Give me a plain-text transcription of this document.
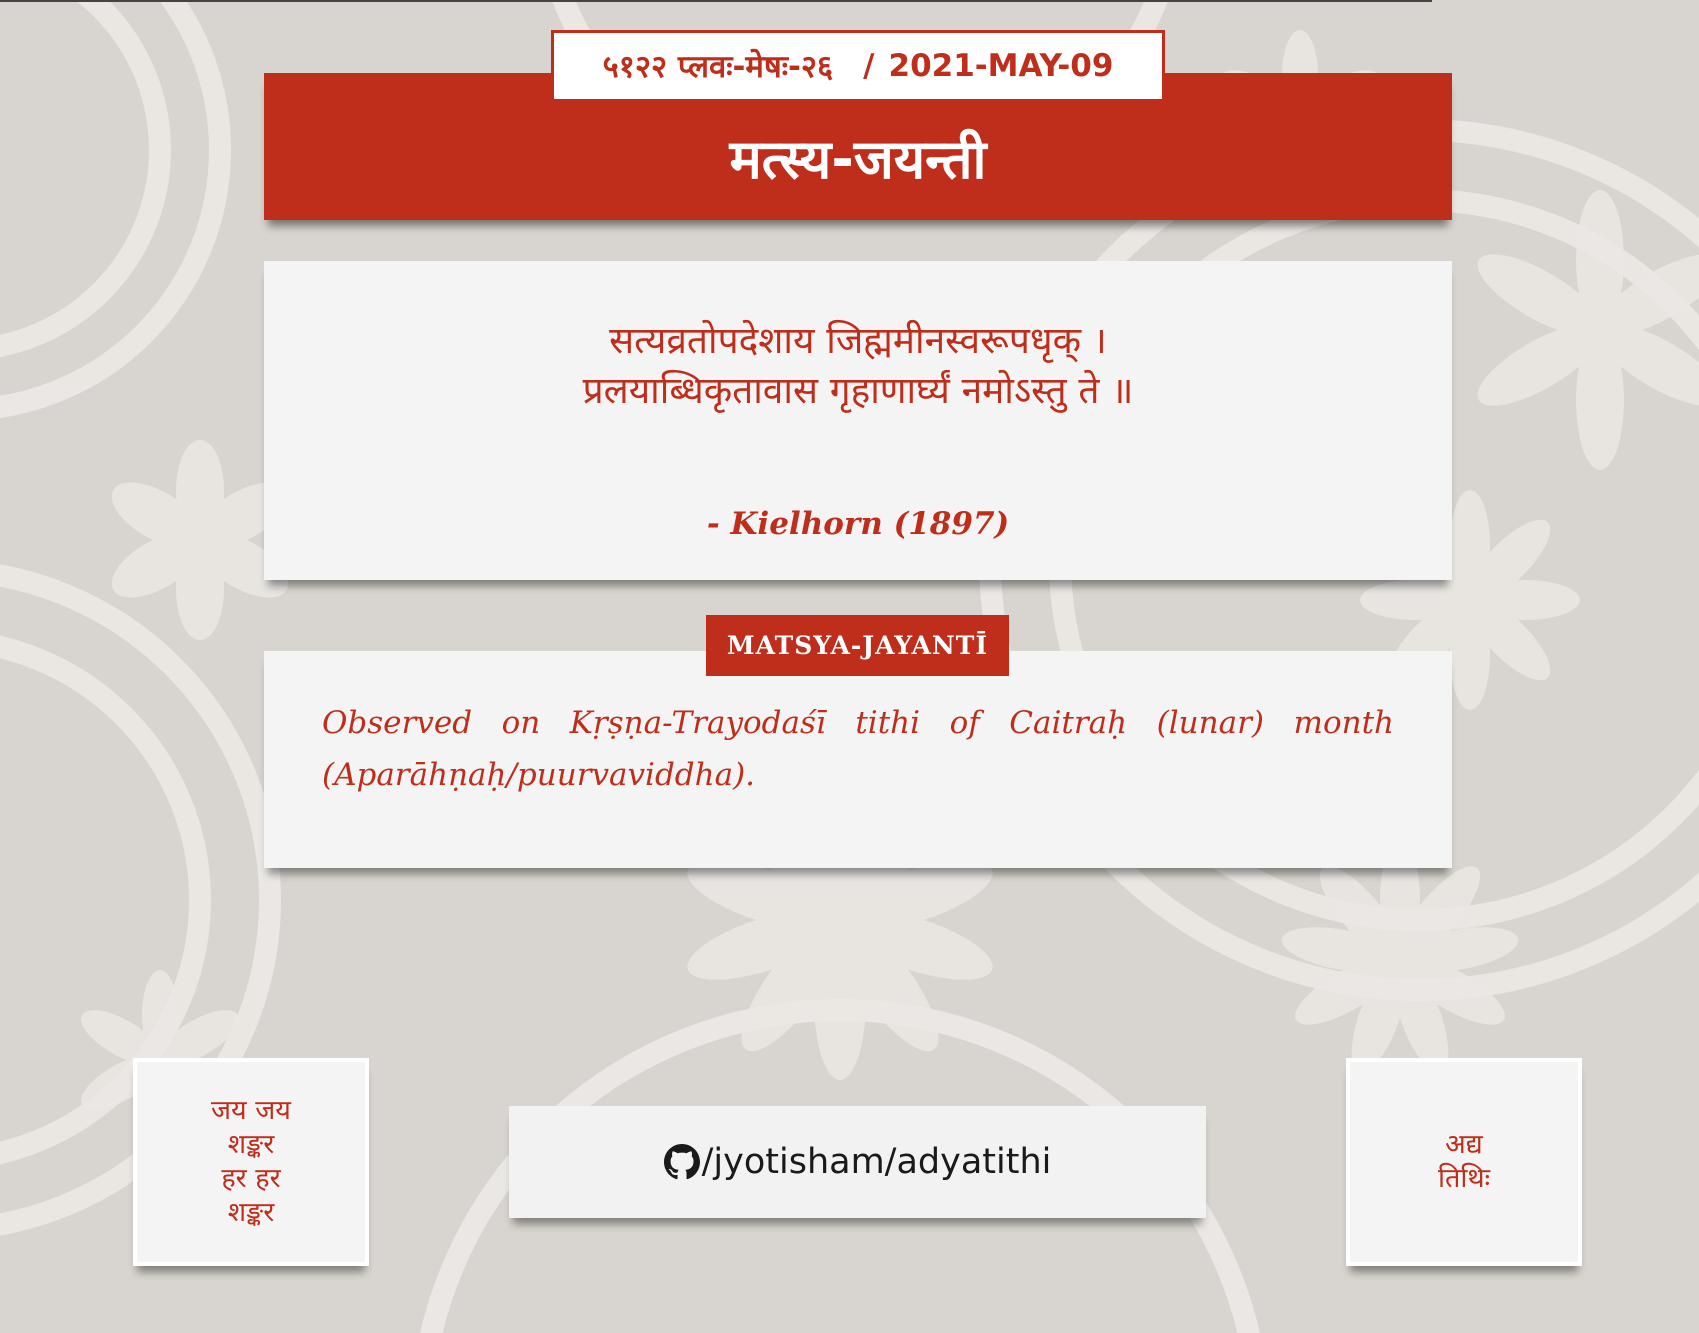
मत्स्य-जयन्ती
५१२२ प्लवः-मेषः-२६ / 2021-MAY-09
सत्यव्रतोपदेशाय जिह्ममीनस्वरूपधृक् ।
प्रलयाब्धिकृतावास गृहाणार्घ्यं नमोऽस्तु ते ॥
- Kielhorn (1897)
MATSYA-JAYANTĪ
Observed on Kṛṣṇa-Trayodaśī tithi of Caitraḥ (lunar) month (Aparāhṇaḥ/puurvaviddha).
जय जय
शङ्कर
हर हर
शङ्कर
/jyotisham/adyatithi	अद्य
तिथिः
